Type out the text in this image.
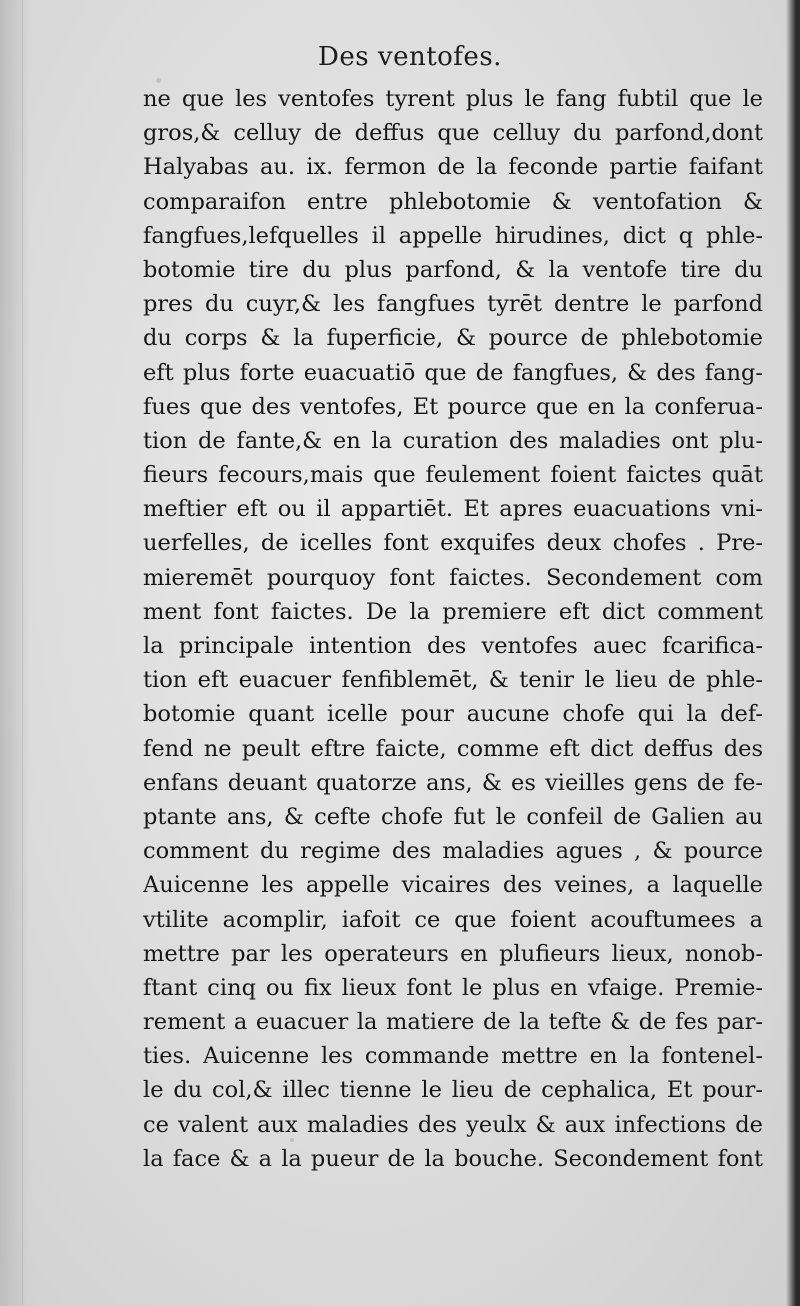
Des ventofes.
ne que les ventofes tyrent plus le fang fubtil que le
gros,& celluy de deffus que celluy du parfond,dont
Halyabas au. ix. fermon de la feconde partie faifant
comparaifon entre phlebotomie & ventofation &
fangfues,lefquelles il appelle hirudines, dict q phle-
botomie tire du plus parfond, & la ventofe tire du
pres du cuyr,& les fangfues tyrēt dentre le parfond
du corps & la fuperficie, & pource de phlebotomie
eft plus forte euacuatiō que de fangfues, & des fang-
fues que des ventofes, Et pource que en la conferua-
tion de fante,& en la curation des maladies ont plu-
fieurs fecours,mais que feulement foient faictes quāt
meftier eft ou il appartiēt. Et apres euacuations vni-
uerfelles, de icelles font exquifes deux chofes . Pre-
mieremēt pourquoy font faictes. Secondement com
ment font faictes. De la premiere eft dict comment
la principale intention des ventofes auec fcarifica-
tion eft euacuer fenfiblemēt, & tenir le lieu de phle-
botomie quant icelle pour aucune chofe qui la def-
fend ne peult eftre faicte, comme eft dict deffus des
enfans deuant quatorze ans, & es vieilles gens de fe-
ptante ans, & cefte chofe fut le confeil de Galien au
comment du regime des maladies agues , & pource
Auicenne les appelle vicaires des veines, a laquelle
vtilite acomplir, iafoit ce que foient acouftumees a
mettre par les operateurs en plufieurs lieux, nonob-
ftant cinq ou fix lieux font le plus en vfaige. Premie-
rement a euacuer la matiere de la tefte & de fes par-
ties. Auicenne les commande mettre en la fontenel-
le du col,& illec tienne le lieu de cephalica, Et pour-
ce valent aux maladies des yeulx & aux infections de
la face & a la pueur de la bouche. Secondement font
